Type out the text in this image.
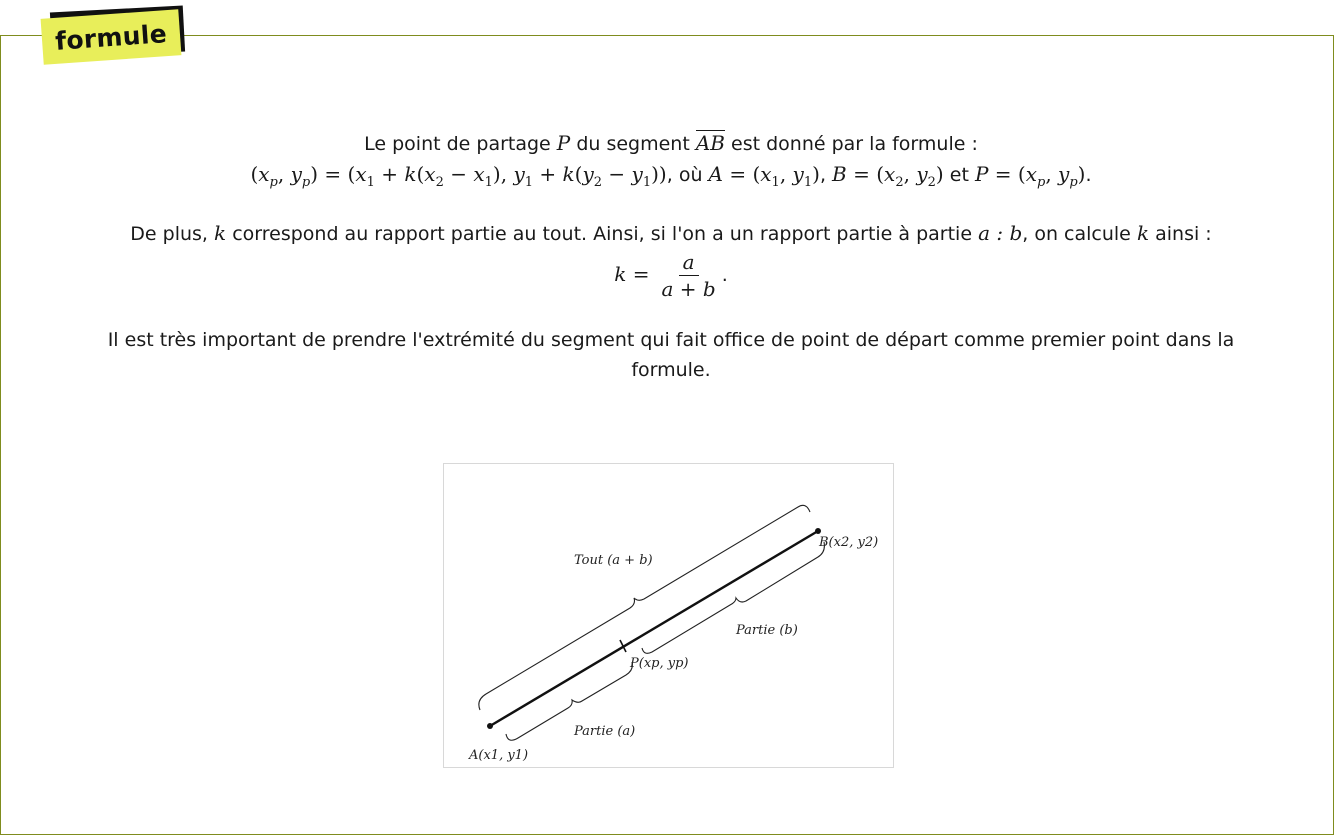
formule
Le point de partage P du segment AB est donné par la formule :
($x_p$, $y_p) = (x_1 + k(x_2 - x_1)$, $y_1 + k(y_2 - y_1)$), où $A = (x_1$, $y_1$), $B = (x_2$, $y_2$) et $P = (x_p$, $y_p$).
De plus, k correspond au rapport partie au tout. Ainsi, si l'on a un rapport partie à partie a : b, on calcule k ainsi :
$k = \frac{a}{a + b}$ .
Il est très important de prendre l'extrémité du segment qui fait office de point de départ comme premier point dans la formule.
Tout (a + b)
B(x2, y2)
Partie (b)
P(xp, yp)
Partie (a)
A(x1, y1)
